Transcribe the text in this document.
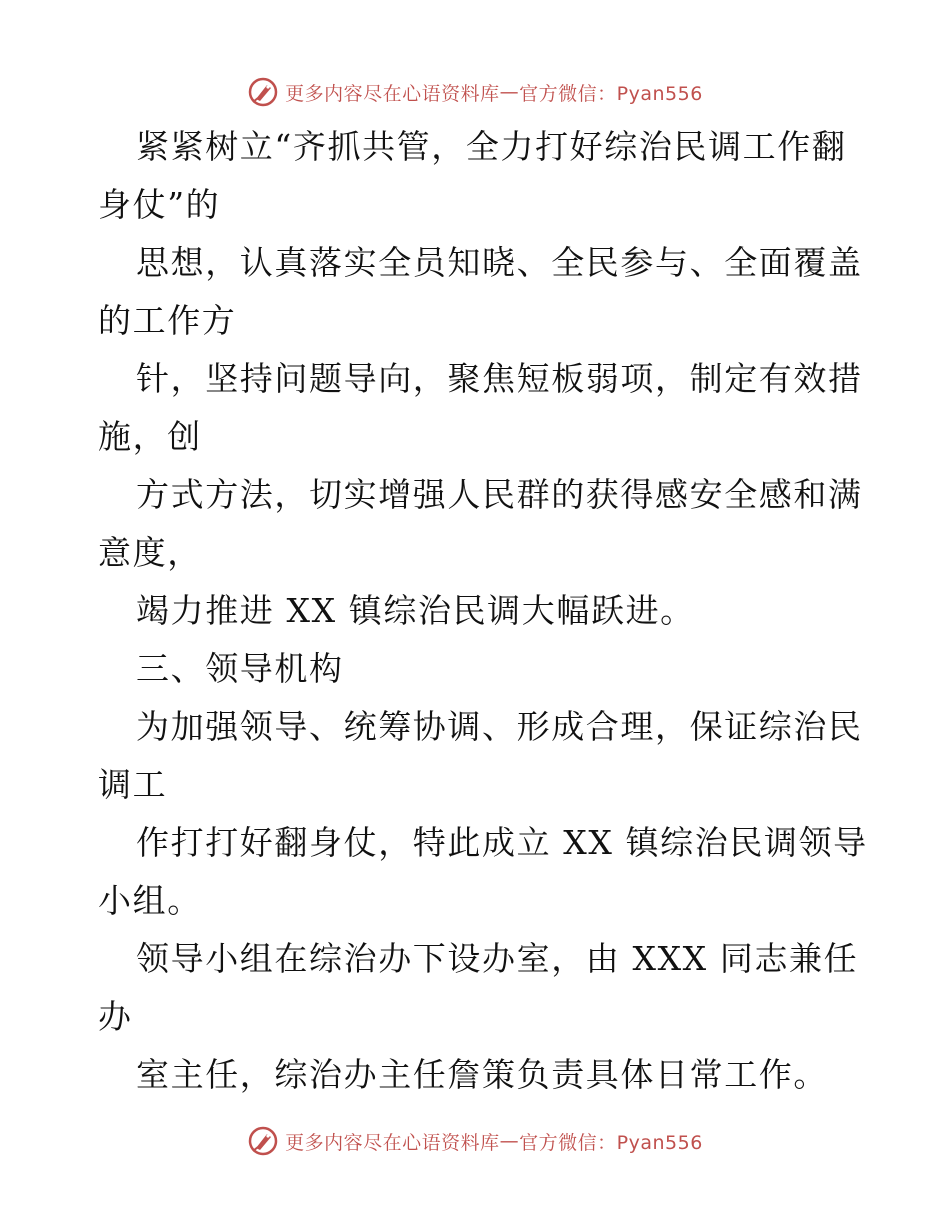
更多内容尽在心语资料库 — 官方微信：Pyan556
紧紧树立“齐抓共管，全力打好综治民调工作翻
身仗”的
思想，认真落实全员知晓、全民参与、全面覆盖
的工作方
针，坚持问题导向，聚焦短板弱项，制定有效措
施，创
方式方法，切实增强人民群的获得感安全感和满
意度，
竭力推进 XX 镇综治民调大幅跃进。
三、领导机构
为加强领导、统筹协调、形成合理，保证综治民
调工
作打打好翻身仗，特此成立 XX 镇综治民调领导
小组。
领导小组在综治办下设办室，由 XXX 同志兼任
办
室主任，综治办主任詹策负责具体日常工作。
更多内容尽在心语资料库 — 官方微信：Pyan556
